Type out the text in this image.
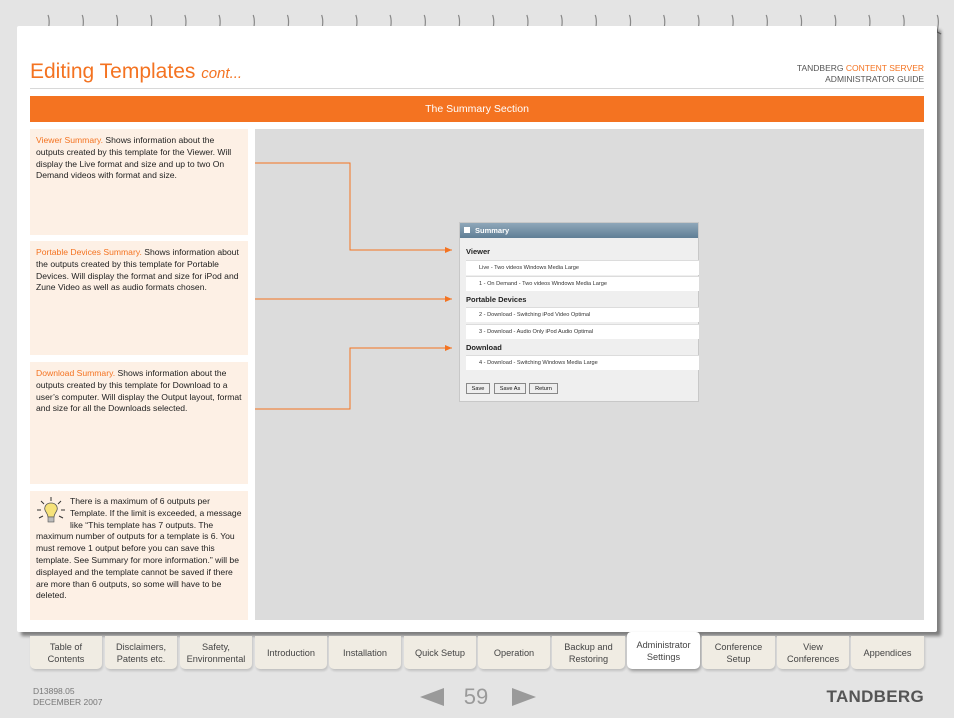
Editing Templates cont...	TANDBERG CONTENT SERVER
ADMINISTRATOR GUIDE
The Summary Section
Viewer Summary. Shows information about the outputs created by this template for the Viewer. Will display the Live format and size and up to two On Demand videos with format and size.
Portable Devices Summary. Shows information about the outputs created by this template for Portable Devices. Will display the format and size for iPod and Zune Video as well as audio formats chosen.
Download Summary. Shows information about the outputs created by this template for Download to a user’s computer. Will display the Output layout, format and size for all the Downloads selected.
There is a maximum of 6 outputs per Template. If the limit is exceeded, a message like “This template has 7 outputs. The maximum number of outputs for a template is 6. You must remove 1 output before you can save this template. See Summary for more information.” will be displayed and the template cannot be saved if there are more than 6 outputs, so some will have to be deleted.
Summary
Viewer
Live - Two videos Windows Media Large
1 - On Demand - Two videos Windows Media Large
Portable Devices
2 - Download - Switching iPod Video Optimal
3 - Download - Audio Only iPod Audio Optimal
Download
4 - Download - Switching Windows Media Large
Save	Save As	Return
Table of
Contents
Disclaimers,
Patents etc.
Safety,
Environmental
Introduction	Installation	Quick Setup	Operation
Backup and
Restoring
Administrator
Settings
Conference
Setup
View
Conferences
Appendices
D13898.05
DECEMBER 2007	59	TANDBERG
